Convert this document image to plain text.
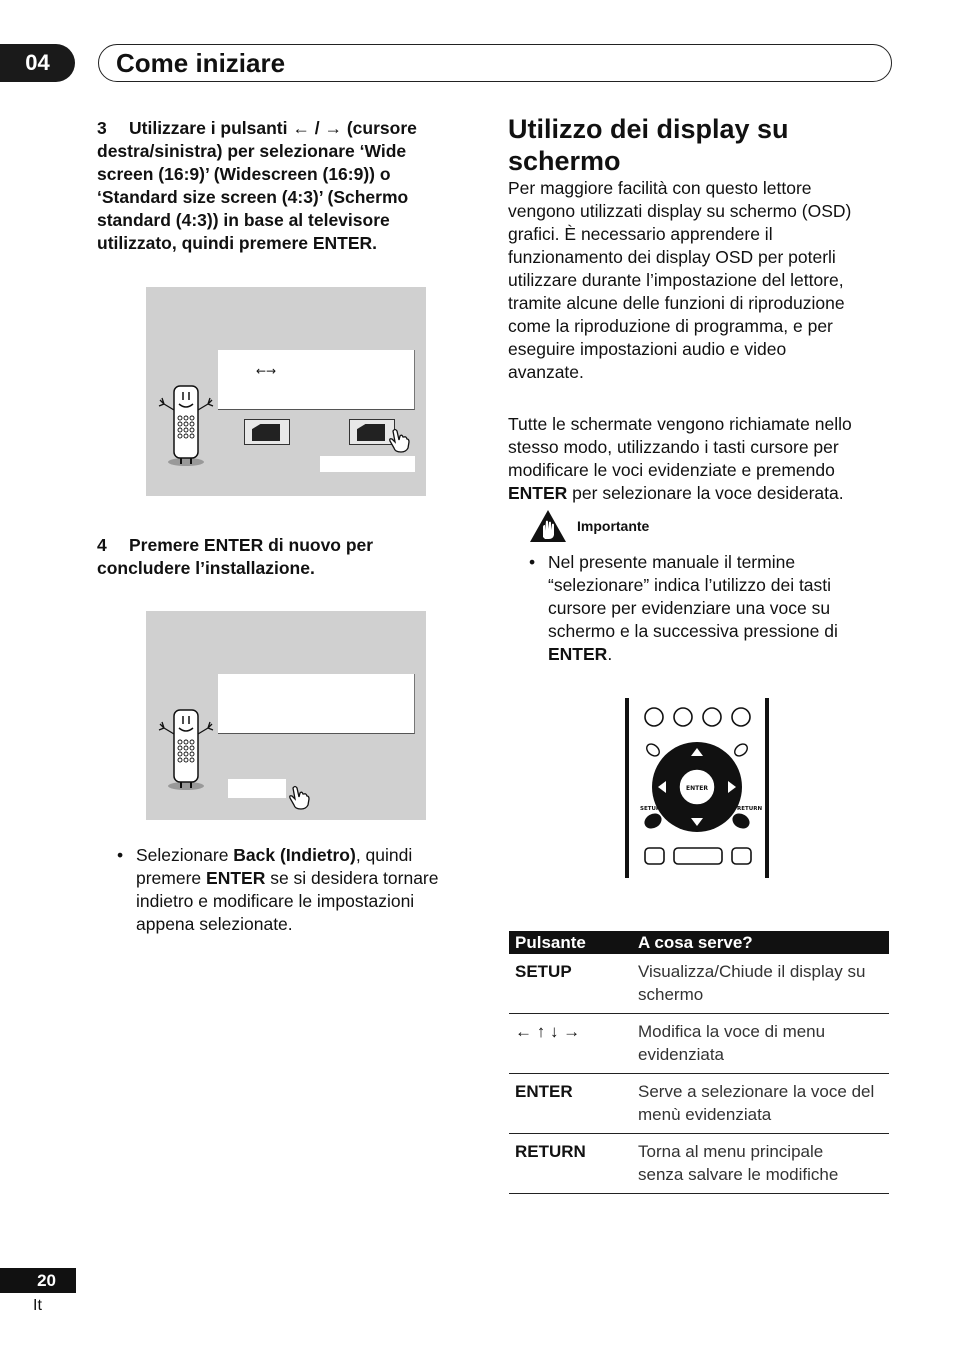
04	Come iniziare
3 Utilizzare i pulsanti ← / → (cursore
destra/sinistra) per selezionare ‘Wide
screen (16:9)’ (Widescreen (16:9)) o
‘Standard size screen (4:3)’ (Schermo
standard (4:3)) in base al televisore
utilizzato, quindi premere ENTER.
←→
4 Premere ENTER di nuovo per
concludere l’installazione.
• Selezionare Back (Indietro), quindi
premere ENTER se si desidera tornare
indietro e modificare le impostazioni
appena selezionate.
Utilizzo dei display su
schermo
Per maggiore facilità con questo lettore
vengono utilizzati display su schermo (OSD)
grafici. È necessario apprendere il
funzionamento dei display OSD per poterli
utilizzare durante l’impostazione del lettore,
tramite alcune delle funzioni di riproduzione
come la riproduzione di programma, e per
eseguire impostazioni audio e video
avanzate.
Tutte le schermate vengono richiamate nello
stesso modo, utilizzando i tasti cursore per
modificare le voci evidenziate e premendo
ENTER per selezionare la voce desiderata.
Importante
• Nel presente manuale il termine
“selezionare” indica l’utilizzo dei tasti
cursore per evidenziare una voce su
schermo e la successiva pressione di
ENTER.
ENTER
SETUP	RETURN
Pulsante	A cosa serve?
SETUP	Visualizza/Chiude il display su
schermo

← ↑ ↓ →	Modifica la voce di menu
evidenziata

ENTER	Serve a selezionare la voce del
menù evidenziata

RETURN	Torna al menu principale
senza salvare le modifiche
20
It
